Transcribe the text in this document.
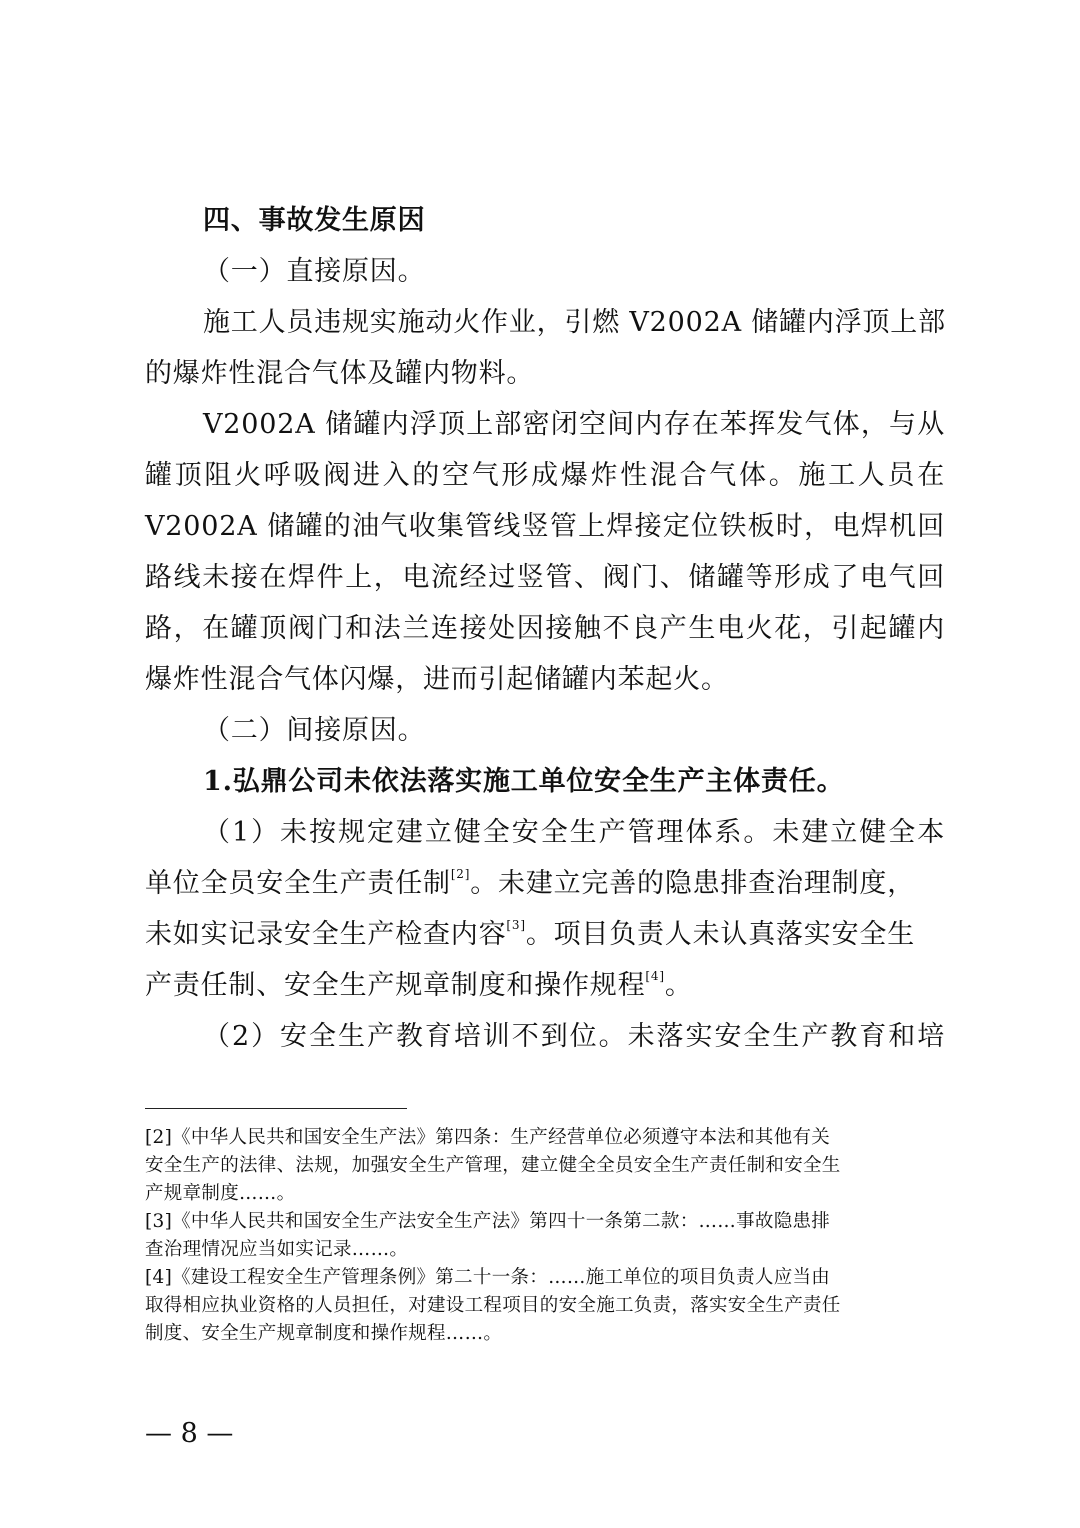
四、事故发生原因
（一）直接原因。
施工人员违规实施动火作业，引燃 V2002A 储罐内浮顶上部
的爆炸性混合气体及罐内物料。
V2002A 储罐内浮顶上部密闭空间内存在苯挥发气体，与从
罐顶阻火呼吸阀进入的空气形成爆炸性混合气体。施工人员在
V2002A 储罐的油气收集管线竖管上焊接定位铁板时，电焊机回
路线未接在焊件上，电流经过竖管、阀门、储罐等形成了电气回
路，在罐顶阀门和法兰连接处因接触不良产生电火花，引起罐内
爆炸性混合气体闪爆，进而引起储罐内苯起火。
（二）间接原因。
1.弘鼎公司未依法落实施工单位安全生产主体责任。
（1）未按规定建立健全安全生产管理体系。未建立健全本
单位全员安全生产责任制[2]。未建立完善的隐患排查治理制度，
未如实记录安全生产检查内容[3]。项目负责人未认真落实安全生
产责任制、安全生产规章制度和操作规程[4]。
（2）安全生产教育培训不到位。未落实安全生产教育和培
[2]《中华人民共和国安全生产法》第四条：生产经营单位必须遵守本法和其他有关
安全生产的法律、法规，加强安全生产管理，建立健全全员安全生产责任制和安全生
产规章制度……。
[3]《中华人民共和国安全生产法安全生产法》第四十一条第二款：……事故隐患排
查治理情况应当如实记录……。
[4]《建设工程安全生产管理条例》第二十一条：……施工单位的项目负责人应当由
取得相应执业资格的人员担任，对建设工程项目的安全施工负责，落实安全生产责任
制度、安全生产规章制度和操作规程……。
— 8 —
